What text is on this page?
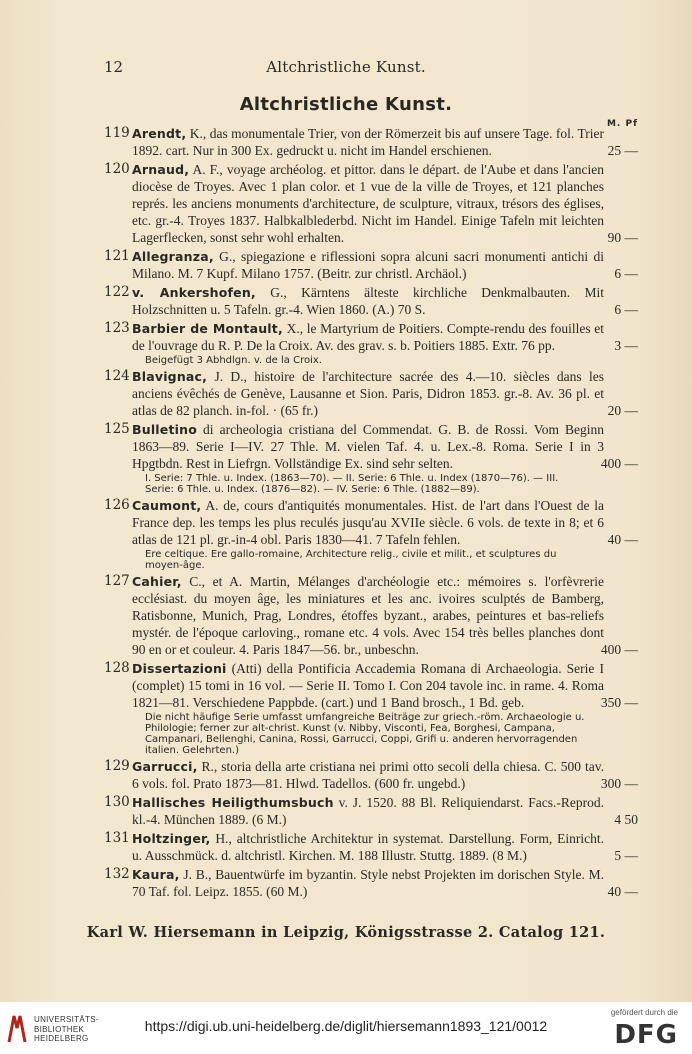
12	Altchristliche Kunst.
Altchristliche Kunst.
M. Pf
119 Arendt, K., das monumentale Trier, von der Römerzeit bis auf unsere Tage. fol. Trier 1892. cart. Nur in 300 Ex. gedruckt u. nicht im Handel erschienen.	25 —
120 Arnaud, A. F., voyage archéolog. et pittor. dans le départ. de l'Aube et dans l'ancien diocèse de Troyes. Avec 1 plan color. et 1 vue de la ville de Troyes, et 121 planches représ. les anciens monuments d'architecture, de sculpture, vitraux, trésors des églises, etc. gr.-4. Troyes 1837. Halbkalblederbd. Nicht im Handel. Einige Tafeln mit leichten Lagerflecken, sonst sehr wohl erhalten.	90 —
121 Allegranza, G., spiegazione e riflessioni sopra alcuni sacri monumenti antichi di Milano. M. 7 Kupf. Milano 1757. (Beitr. zur christl. Archäol.)	6 —
122 v. Ankershofen, G., Kärntens älteste kirchliche Denkmalbauten. Mit Holzschnitten u. 5 Tafeln. gr.-4. Wien 1860. (A.) 70 S.	6 —
123 Barbier de Montault, X., le Martyrium de Poitiers. Compte-rendu des fouilles et de l'ouvrage du R. P. De la Croix. Av. des grav. s. b. Poitiers 1885. Extr. 76 pp.	3 —
Beigefügt 3 Abhdlgn. v. de la Croix.
124 Blavignac, J. D., histoire de l'architecture sacrée des 4.—10. siècles dans les anciens évêchés de Genève, Lausanne et Sion. Paris, Didron 1853. gr.-8. Av. 36 pl. et atlas de 82 planch. in-fol. · (65 fr.)	20 —
125 Bulletino di archeologia cristiana del Commendat. G. B. de Rossi. Vom Beginn 1863—89. Serie I—IV. 27 Thle. M. vielen Taf. 4. u. Lex.-8. Roma. Serie I in 3 Hpgtbdn. Rest in Liefrgn. Vollständige Ex. sind sehr selten.	400 —
I. Serie: 7 Thle. u. Index. (1863—70). — II. Serie: 6 Thle. u. Index (1870—76). — III. Serie: 6 Thle. u. Index. (1876—82). — IV. Serie: 6 Thle. (1882—89).
126 Caumont, A. de, cours d'antiquités monumentales. Hist. de l'art dans l'Ouest de la France dep. les temps les plus reculés jusqu'au XVIIe siècle. 6 vols. de texte in 8; et 6 atlas de 121 pl. gr.-in-4 obl. Paris 1830—41. 7 Tafeln fehlen.	40 —
Ere celtique. Ere gallo-romaine, Architecture relig., civile et milit., et sculptures du moyen-âge.
127 Cahier, C., et A. Martin, Mélanges d'archéologie etc.: mémoires s. l'orfèvrerie ecclésiast. du moyen âge, les miniatures et les anc. ivoires sculptés de Bamberg, Ratisbonne, Munich, Prag, Londres, étoffes byzant., arabes, peintures et bas-reliefs mystér. de l'époque carloving., romane etc. 4 vols. Avec 154 très belles planches dont 90 en or et couleur. 4. Paris 1847—56. br., unbeschn.	400 —
128 Dissertazioni (Atti) della Pontificia Accademia Romana di Archaeologia. Serie I (complet) 15 tomi in 16 vol. — Serie II. Tomo I. Con 204 tavole inc. in rame. 4. Roma 1821—81. Verschiedene Pappbde. (cart.) und 1 Band brosch., 1 Bd. geb.	350 —
Die nicht häufige Serie umfasst umfangreiche Beiträge zur griech.-röm. Archaeologie u. Philologie; ferner zur alt-christ. Kunst (v. Nibby, Visconti, Fea, Borghesi, Campana, Campanari, Bellenghi, Canina, Rossi, Garrucci, Coppi, Grifi u. anderen hervorragenden italien. Gelehrten.)
129 Garrucci, R., storia della arte cristiana nei primi otto secoli della chiesa. C. 500 tav. 6 vols. fol. Prato 1873—81. Hlwd. Tadellos. (600 fr. ungebd.)	300 —
130 Hallisches Heiligthumsbuch v. J. 1520. 88 Bl. Reliquiendarst. Facs.-Reprod. kl.-4. München 1889. (6 M.)	4 50
131 Holtzinger, H., altchristliche Architektur in systemat. Darstellung. Form, Einricht. u. Ausschmück. d. altchristl. Kirchen. M. 188 Illustr. Stuttg. 1889. (8 M.)	5 —
132 Kaura, J. B., Bauentwürfe im byzantin. Style nebst Projekten im dorischen Style. M. 70 Taf. fol. Leipz. 1855. (60 M.)	40 —
Karl W. Hiersemann in Leipzig, Königsstrasse 2. Catalog 121.
UNIVERSITÄTS-
BIBLIOTHEK
HEIDELBERG
https://digi.ub.uni-heidelberg.de/diglit/hiersemann1893_121/0012
gefördert durch die
DFG
